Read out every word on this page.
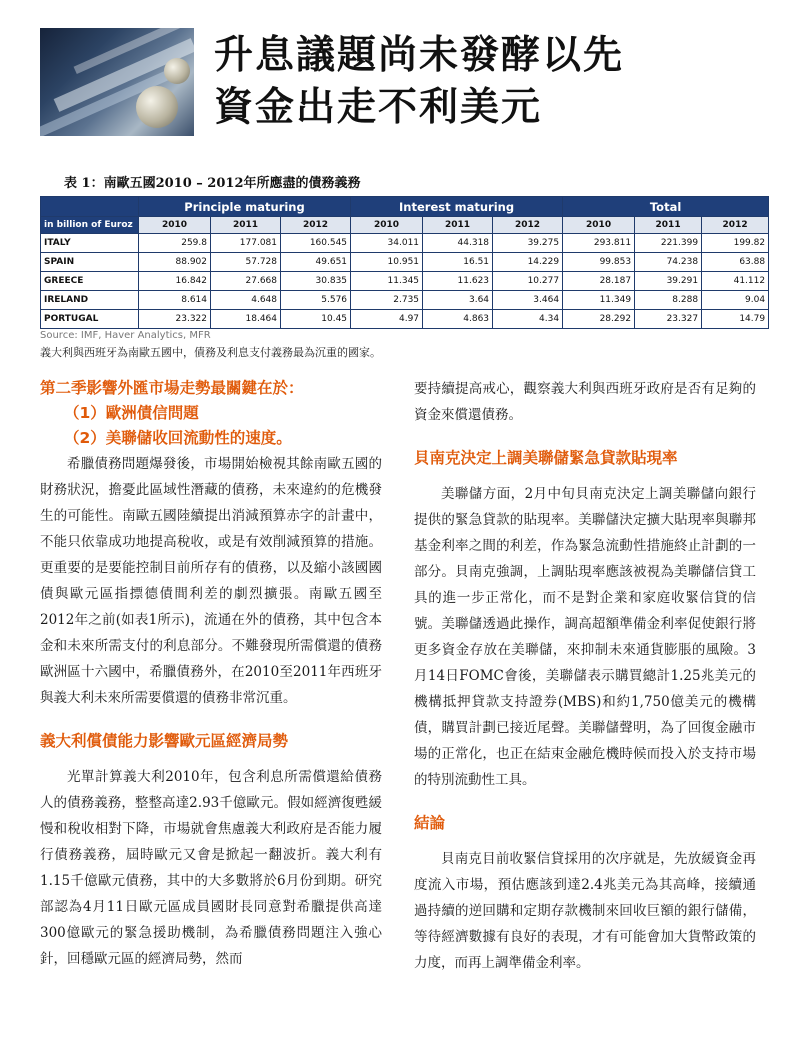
升息議題尚未發酵以先
資金出走不利美元
表 1：南歐五國2010 – 2012年所應盡的債務義務
	Principle maturing			Interest maturing			Total		
in billion of Euroz	2010	2011	2012	2010	2011	2012	2010	2011	2012
ITALY	259.8	177.081	160.545	34.011	44.318	39.275	293.811	221.399	199.82
SPAIN	88.902	57.728	49.651	10.951	16.51	14.229	99.853	74.238	63.88
GREECE	16.842	27.668	30.835	11.345	11.623	10.277	28.187	39.291	41.112
IRELAND	8.614	4.648	5.576	2.735	3.64	3.464	11.349	8.288	9.04
PORTUGAL	23.322	18.464	10.45	4.97	4.863	4.34	28.292	23.327	14.79
Source: IMF, Haver Analytics, MFR
義大利與西班牙為南歐五國中，債務及利息支付義務最為沉重的國家。
第二季影響外匯市場走勢最關鍵在於：
（1）歐洲債信問題
（2）美聯儲收回流動性的速度。

希臘債務問題爆發後，市場開始檢視其餘南歐五國的財務狀況，擔憂此區域性潛藏的債務，未來違約的危機發生的可能性。南歐五國陸續提出消減預算赤字的計畫中，不能只依靠成功地提高稅收，或是有效削減預算的措施。更重要的是要能控制目前所存有的債務，以及縮小該國國債與歐元區指摽德債間利差的劇烈擴張。南歐五國至2012年之前(如表1所示)，流通在外的債務，其中包含本金和未來所需支付的利息部分。不難發現所需償還的債務歐洲區十六國中，希臘債務外，在2010至2011年西班牙與義大利未來所需要償還的債務非常沉重。

義大利償債能力影響歐元區經濟局勢

光單計算義大利2010年，包含利息所需償還給債務人的債務義務，整整高達2.93千億歐元。假如經濟復甦緩慢和稅收相對下降，市場就會焦慮義大利政府是否能力履行債務義務，屆時歐元又會是掀起一翻波折。義大利有1.15千億歐元債務，其中的大多數將於6月份到期。研究部認為4月11日歐元區成員國財長同意對希臘提供高達300億歐元的緊急援助機制，為希臘債務問題注入強心針，回穩歐元區的經濟局勢，然而

要持續提高戒心，觀察義大利與西班牙政府是否有足夠的資金來償還債務。

貝南克決定上調美聯儲緊急貸款貼現率

美聯儲方面，2月中旬貝南克決定上調美聯儲向銀行提供的緊急貸款的貼現率。美聯儲決定擴大貼現率與聯邦基金利率之間的利差，作為緊急流動性措施終止計劃的一部分。貝南克強調，上調貼現率應該被視為美聯儲信貸工具的進一步正常化，而不是對企業和家庭收緊信貸的信號。美聯儲透過此操作，調高超額準備金利率促使銀行將更多資金存放在美聯儲，來抑制未來通貨膨脹的風險。3月14日FOMC會後，美聯儲表示購買總計1.25兆美元的機構抵押貸款支持證券(MBS)和約1,750億美元的機構債，購買計劃已接近尾聲。美聯儲聲明，為了回復金融市場的正常化，也正在結束金融危機時候而投入於支持市場的特別流動性工具。

結論

貝南克目前收緊信貸採用的次序就是，先放緩資金再度流入市場，預估應該到達2.4兆美元為其高峰，接續通過持續的逆回購和定期存款機制來回收巨額的銀行儲備，等待經濟數據有良好的表現，才有可能會加大貨幣政策的力度，而再上調準備金利率。
